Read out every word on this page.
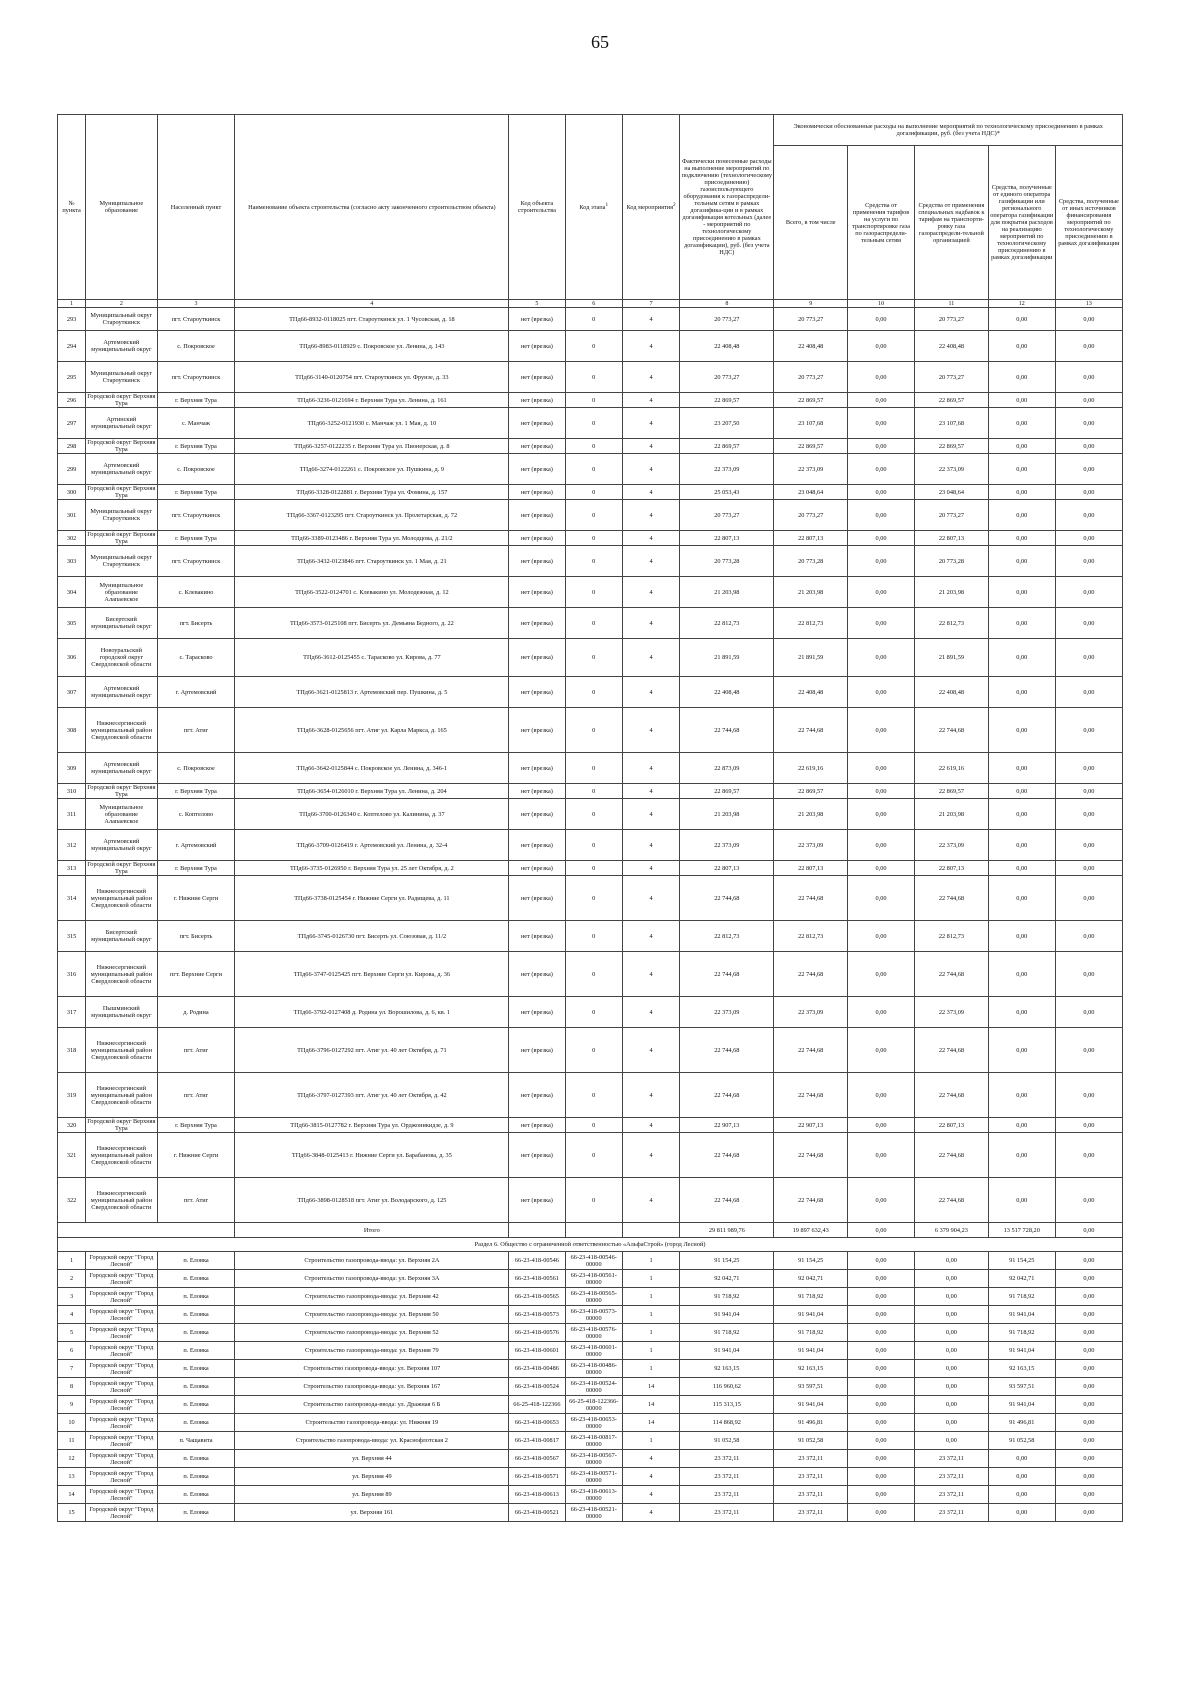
65
№ пункта	Муниципальное образование	Населенный пункт	Наименование объекта строительства (согласно акту законченного строительством объекта)	Код объекта строительства	Код этапа$^1$	Код мероприятия$^2$	Фактически понесенные расходы на выполнение мероприятий по подключению (технологическому присоединению) газоиспользующего оборудования к газораспредели-тельным сетям в рамках догазифика-ции и в рамках догазификация котельных (далее - мероприятий по технологическому присоединению в рамках догазификации), руб. (без учета НДС)	Экономически обоснованные расходы на выполнение мероприятий по технологическому присоединению в рамках догазификации, руб. (без учета НДС)*				
								Всего, в том числе	Средства от применения тарифов на услуги по транспортировке газа по газораспредели-тельным сетям	Средства от применения специальных надбавок к тарифам на транспорти-ровку газа газораспредели-тельной организацией	Средства, полученные от единого оператора газификации или регионального оператора газификации для покрытия расходов на реализацию мероприятий по технологическому присоединению в рамках догазификации	Средства, полученные от иных источников финансирования мероприятий по технологическому присоединению в рамках догазификации
1	2	3	4	5	6	7	8	9	10	11	12	13
293	Муниципальный округ Староуткинск	пгт. Староуткинск	ТПд66-8932-0118025 пгт. Староуткинск ул. 1 Чусовская, д. 18	нет (врезка)	0	4	20 773,27	20 773,27	0,00	20 773,27	0,00	0,00
294	Артемовский муниципальный округ	с. Покровское	ТПд66-8983-0118929 с. Покровское ул. Ленина, д. 143	нет (врезка)	0	4	22 408,48	22 408,48	0,00	22 408,48	0,00	0,00
295	Муниципальный округ Староуткинск	пгт. Староуткинск	ТПд66-3140-0120754 пгт. Староуткинск ул. Фрунзе, д. 33	нет (врезка)	0	4	20 773,27	20 773,27	0,00	20 773,27	0,00	0,00
296	Городской округ Верхняя Тура	г. Верхняя Тура	ТПд66-3236-0121694 г. Верхняя Тура ул. Ленина, д. 161	нет (врезка)	0	4	22 869,57	22 869,57	0,00	22 869,57	0,00	0,00
297	Артинский муниципальный округ	с. Манчаж	ТПд66-3252-0121930 с. Манчаж ул. 1 Мая, д. 10	нет (врезка)	0	4	23 207,50	23 107,68	0,00	23 107,68	0,00	0,00
298	Городской округ Верхняя Тура	г. Верхняя Тура	ТПд66-3257-0122235 г. Верхняя Тура ул. Пионерская, д. 8	нет (врезка)	0	4	22 869,57	22 869,57	0,00	22 869,57	0,00	0,00
299	Артемовский муниципальный округ	с. Покровское	ТПд66-3274-0122261 с. Покровское ул. Пушкина, д. 9	нет (врезка)	0	4	22 373,09	22 373,09	0,00	22 373,09	0,00	0,00
300	Городской округ Верхняя Тура	г. Верхняя Тура	ТПд66-3328-0122881 г. Верхняя Тура ул. Фомина, д. 157	нет (врезка)	0	4	25 053,43	23 048,64	0,00	23 048,64	0,00	0,00
301	Муниципальный округ Староуткинск	пгт. Староуткинск	ТПд66-3367-0123295 пгт. Староуткинск ул. Пролетарская, д. 72	нет (врезка)	0	4	20 773,27	20 773,27	0,00	20 773,27	0,00	0,00
302	Городской округ Верхняя Тура	г. Верхняя Тура	ТПд66-3389-0123486 г. Верхняя Тура ул. Молодцова, д. 21/2	нет (врезка)	0	4	22 807,13	22 807,13	0,00	22 807,13	0,00	0,00
303	Муниципальный округ Староуткинск	пгт. Староуткинск	ТПд66-3432-0123846 пгт. Староуткинск ул. 1 Мая, д. 21	нет (врезка)	0	4	20 773,28	20 773,28	0,00	20 773,28	0,00	0,00
304	Муниципальное образование Алапаевское	с. Клевакино	ТПд66-3522-0124701 с. Клевакино ул. Молодежная, д. 12	нет (врезка)	0	4	21 203,98	21 203,98	0,00	21 203,98	0,00	0,00
305	Бисертский муниципальный округ	пгт. Бисерть	ТПд66-3573-0125108 пгт. Бисерть ул. Демьяна Бедного, д. 22	нет (врезка)	0	4	22 812,73	22 812,73	0,00	22 812,73	0,00	0,00
306	Новоуральский городской округ Свердловской области	с. Тарасково	ТПд66-3612-0125455 с. Тарасково ул. Кирова, д. 77	нет (врезка)	0	4	21 891,59	21 891,59	0,00	21 891,59	0,00	0,00
307	Артемовский муниципальный округ	г. Артемовский	ТПд66-3621-0125813 г. Артемовский пер. Пушкина, д. 5	нет (врезка)	0	4	22 408,48	22 408,48	0,00	22 408,48	0,00	0,00
308	Нижнесергинский муниципальный район Свердловской области	пгт. Атиг	ТПд66-3628-0125656 пгт. Атиг ул. Карла Маркса, д. 165	нет (врезка)	0	4	22 744,68	22 744,68	0,00	22 744,68	0,00	0,00
309	Артемовский муниципальный округ	с. Покровское	ТПд66-3642-0125844 с. Покровское ул. Ленина, д. 346-1	нет (врезка)	0	4	22 873,09	22 619,16	0,00	22 619,16	0,00	0,00
310	Городской округ Верхняя Тура	г. Верхняя Тура	ТПд66-3654-0126010 г. Верхняя Тура ул. Ленина, д. 204	нет (врезка)	0	4	22 869,57	22 869,57	0,00	22 869,57	0,00	0,00
311	Муниципальное образование Алапаевское	с. Коптелово	ТПд66-3700-0126340 с. Коптелово ул. Калинина, д. 37	нет (врезка)	0	4	21 203,98	21 203,98	0,00	21 203,98	0,00	0,00
312	Артемовский муниципальный округ	г. Артемовский	ТПд66-3709-0126419 г. Артемовский ул. Ленина, д. 32-4	нет (врезка)	0	4	22 373,09	22 373,09	0,00	22 373,09	0,00	0,00
313	Городской округ Верхняя Тура	г. Верхняя Тура	ТПд66-3735-0126950 г. Верхняя Тура ул. 25 лет Октября, д. 2	нет (врезка)	0	4	22 807,13	22 807,13	0,00	22 807,13	0,00	0,00
314	Нижнесергинский муниципальный район Свердловской области	г. Нижние Серги	ТПд66-3738-0125454 г. Нижние Серги ул. Радищева, д. 11	нет (врезка)	0	4	22 744,68	22 744,68	0,00	22 744,68	0,00	0,00
315	Бисертский муниципальный округ	пгт. Бисерть	ТПд66-3745-0126730 пгт. Бисерть ул. Союзовая, д. 11/2	нет (врезка)	0	4	22 812,73	22 812,73	0,00	22 812,73	0,00	0,00
316	Нижнесергинский муниципальный район Свердловской области	пгт. Верхние Серги	ТПд66-3747-0125425 пгт. Верхние Серги ул. Кирова, д. 36	нет (врезка)	0	4	22 744,68	22 744,68	0,00	22 744,68	0,00	0,00
317	Пышминский муниципальный округ	д. Родина	ТПд66-3792-0127408 д. Родина ул. Ворошилова, д. 6, кв. 1	нет (врезка)	0	4	22 373,09	22 373,09	0,00	22 373,09	0,00	0,00
318	Нижнесергинский муниципальный район Свердловской области	пгт. Атиг	ТПд66-3796-0127292 пгт. Атиг ул. 40 лет Октября, д. 71	нет (врезка)	0	4	22 744,68	22 744,68	0,00	22 744,68	0,00	0,00
319	Нижнесергинский муниципальный район Свердловской области	пгт. Атиг	ТПд66-3797-0127393 пгт. Атиг ул. 40 лет Октября, д. 42	нет (врезка)	0	4	22 744,68	22 744,68	0,00	22 744,68	0,00	0,00
320	Городской округ Верхняя Тура	г. Верхняя Тура	ТПд66-3815-0127782 г. Верхняя Тура ул. Орджоникидзе, д. 9	нет (врезка)	0	4	22 907,13	22 907,13	0,00	22 807,13	0,00	0,00
321	Нижнесергинский муниципальный район Свердловской области	г. Нижние Серги	ТПд66-3848-0125413 г. Нижние Серги ул. Барабанова, д. 35	нет (врезка)	0	4	22 744,68	22 744,68	0,00	22 744,68	0,00	0,00
322	Нижнесергинский муниципальный район Свердловской области	пгт. Атиг	ТПд66-3898-0128518 пгт. Атиг ул. Володарского, д. 125	нет (врезка)	0	4	22 744,68	22 744,68	0,00	22 744,68	0,00	0,00
			Итого				29 811 989,76	19 897 632,43	0,00	6 379 904,23	13 517 728,20	0,00
Раздел 6. Общество с ограниченной ответственностью «АльфаСтрой» (город Лесной)												
1	Городской округ "Город Лесной"	п. Еловка	Строительство газопровода-ввода: ул. Верхняя 2А	66-23-418-00546	66-23-418-00546-00000	1	91 154,25	91 154,25	0,00	0,00	91 154,25	0,00
2	Городской округ "Город Лесной"	п. Еловка	Строительство газопровода-ввода: ул. Верхняя 3А	66-23-418-00561	66-23-418-00561-00000	1	92 042,71	92 042,71	0,00	0,00	92 042,71	0,00
3	Городской округ "Город Лесной"	п. Еловка	Строительство газопровода-ввода: ул. Верхняя 42	66-23-418-00565	66-23-418-00565-00000	1	91 718,92	91 718,92	0,00	0,00	91 718,92	0,00
4	Городской округ "Город Лесной"	п. Еловка	Строительство газопровода-ввода: ул. Верхняя 50	66-23-418-00573	66-23-418-00573-00000	1	91 941,04	91 941,04	0,00	0,00	91 941,04	0,00
5	Городской округ "Город Лесной"	п. Еловка	Строительство газопровода-ввода: ул. Верхняя 52	66-23-418-00576	66-23-418-00576-00000	1	91 718,92	91 718,92	0,00	0,00	91 718,92	0,00
6	Городской округ "Город Лесной"	п. Еловка	Строительство газопровода-ввода: ул. Верхняя 79	66-23-418-00601	66-23-418-00601-00000	1	91 941,04	91 941,04	0,00	0,00	91 941,04	0,00
7	Городской округ "Город Лесной"	п. Еловка	Строительство газопровода-ввода: ул. Верхняя 107	66-23-418-00486	66-23-418-00486-00000	1	92 163,15	92 163,15	0,00	0,00	92 163,15	0,00
8	Городской округ "Город Лесной"	п. Еловка	Строительство газопровода-ввода: ул. Верхняя 167	66-23-418-00524	66-23-418-00524-00000	14	116 960,62	93 597,51	0,00	0,00	93 597,51	0,00
9	Городской округ "Город Лесной"	п. Еловка	Строительство газопровода-ввода: ул. Дражная 6 Б	66-25-418-122366	66-25-418-122366-00000	14	115 313,15	91 941,04	0,00	0,00	91 941,04	0,00
10	Городской округ "Город Лесной"	п. Еловка	Строительство газопровода-ввода: ул. Нижняя 19	66-23-418-00653	66-23-418-00653-00000	14	114 868,92	91 496,81	0,00	0,00	91 496,81	0,00
11	Городской округ "Город Лесной"	п. Чащавита	Строительство газопровода-ввода: ул. Краснофлотская 2	66-23-418-00817	66-23-418-00817-00000	1	91 052,58	91 052,58	0,00	0,00	91 052,58	0,00
12	Городской округ "Город Лесной"	п. Еловка	ул. Верхняя 44	66-23-418-00567	66-23-418-00567-00000	4	23 372,11	23 372,11	0,00	23 372,11	0,00	0,00
13	Городской округ "Город Лесной"	п. Еловка	ул. Верхняя 49	66-23-418-00571	66-23-418-00571-00000	4	23 372,11	23 372,11	0,00	23 372,11	0,00	0,00
14	Городской округ "Город Лесной"	п. Еловка	ул. Верхняя 89	66-23-418-00613	66-23-418-00613-00000	4	23 372,11	23 372,11	0,00	23 372,11	0,00	0,00
15	Городской округ "Город Лесной"	п. Еловка	ул. Верхняя 161	66-23-418-00521	66-23-418-00521-00000	4	23 372,11	23 372,11	0,00	23 372,11	0,00	0,00
